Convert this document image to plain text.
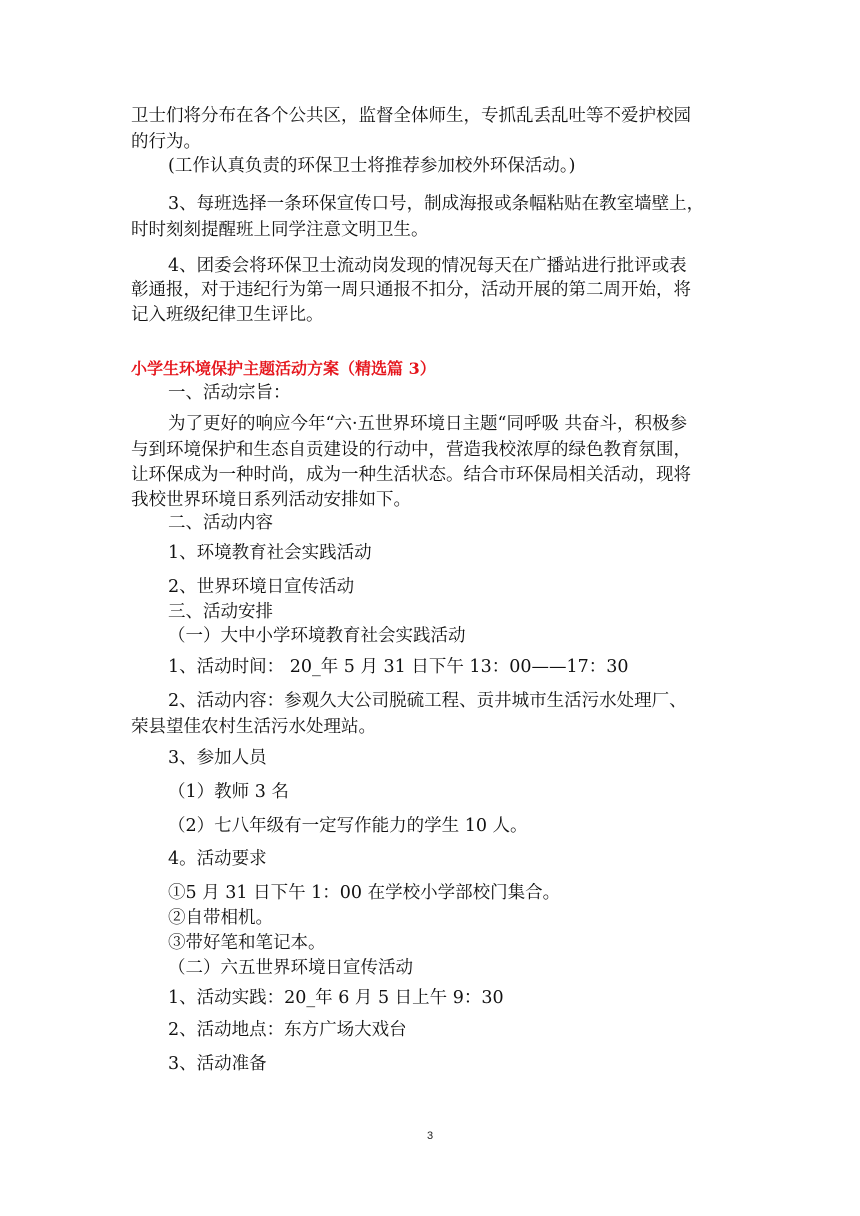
卫士们将分布在各个公共区，监督全体师生，专抓乱丢乱吐等不爱护校园
的行为。
(工作认真负责的环保卫士将推荐参加校外环保活动。)
3、每班选择一条环保宣传口号，制成海报或条幅粘贴在教室墙壁上，
时时刻刻提醒班上同学注意文明卫生。
4、团委会将环保卫士流动岗发现的情况每天在广播站进行批评或表
彰通报，对于违纪行为第一周只通报不扣分，活动开展的第二周开始，将
记入班级纪律卫生评比。
小学生环境保护主题活动方案（精选篇 3）
一、活动宗旨：
为了更好的响应今年“六·五世界环境日主题“同呼吸 共奋斗，积极参
与到环境保护和生态自贡建设的行动中，营造我校浓厚的绿色教育氛围，
让环保成为一种时尚，成为一种生活状态。结合市环保局相关活动，现将
我校世界环境日系列活动安排如下。
二、活动内容
1、环境教育社会实践活动
2、世界环境日宣传活动
三、活动安排
（一）大中小学环境教育社会实践活动
1、活动时间： 20_年 5 月 31 日下午 13：00——17：30
2、活动内容：参观久大公司脱硫工程、贡井城市生活污水处理厂、
荣县望佳农村生活污水处理站。
3、参加人员
（1）教师 3 名
（2）七八年级有一定写作能力的学生 10 人。
4。活动要求
①5 月 31 日下午 1：00 在学校小学部校门集合。
②自带相机。
③带好笔和笔记本。
（二）六五世界环境日宣传活动
1、活动实践：20_年 6 月 5 日上午 9：30
2、活动地点：东方广场大戏台
3、活动准备
3
